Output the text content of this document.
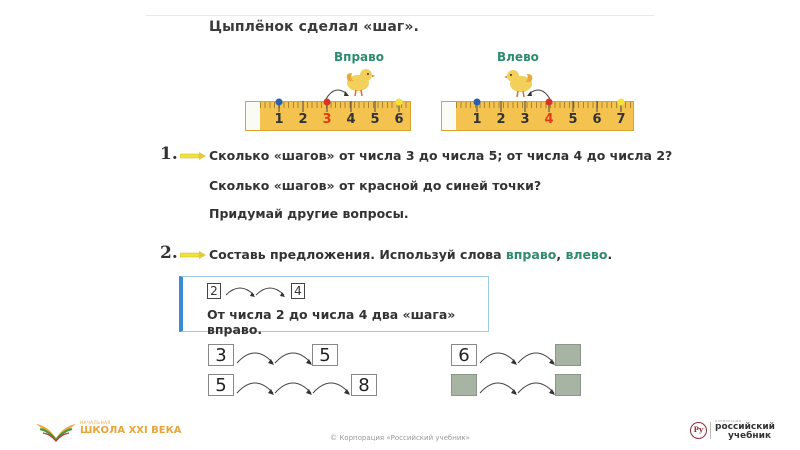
Цыплёнок сделал «шаг».
Вправо
1 2 3 4 5 6
Влево
1 2 3 4 5 6 7
1.	Сколько «шагов» от числа 3 до числа 5; от числа 4 до числа 2?
Сколько «шагов» от красной до синей точки?
Придумай другие вопросы.
2.	Составь предложения. Используй слова вправо, влево.
2	4
От числа 2 до числа 4 два «шага» вправо.
3	5
5	8
6
НАЧАЛЬНАЯ
ШКОЛА XXI ВЕКА
© Корпорация «Российский учебник»
Ру
КОРПОРАЦИЯ
российский
учебник
